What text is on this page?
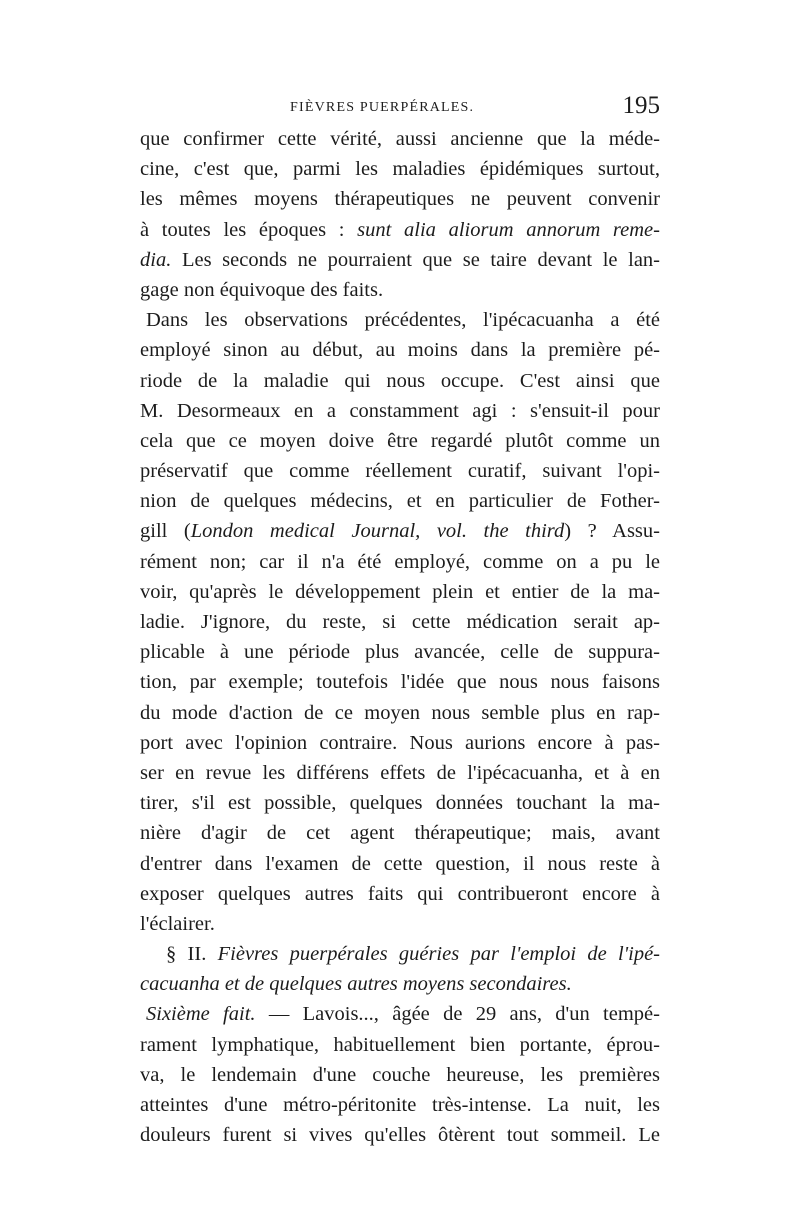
FIÈVRES PUERPÉRALES.	195
que confirmer cette vérité, aussi ancienne que la méde-
cine, c'est que, parmi les maladies épidémiques surtout,
les mêmes moyens thérapeutiques ne peuvent convenir
à toutes les époques : sunt alia aliorum annorum reme-
dia. Les seconds ne pourraient que se taire devant le lan-
gage non équivoque des faits.
Dans les observations précédentes, l'ipécacuanha a été
employé sinon au début, au moins dans la première pé-
riode de la maladie qui nous occupe. C'est ainsi que
M. Desormeaux en a constamment agi : s'ensuit-il pour
cela que ce moyen doive être regardé plutôt comme un
préservatif que comme réellement curatif, suivant l'opi-
nion de quelques médecins, et en particulier de Fother-
gill (London medical Journal, vol. the third) ? Assu-
rément non; car il n'a été employé, comme on a pu le
voir, qu'après le développement plein et entier de la ma-
ladie. J'ignore, du reste, si cette médication serait ap-
plicable à une période plus avancée, celle de suppura-
tion, par exemple; toutefois l'idée que nous nous faisons
du mode d'action de ce moyen nous semble plus en rap-
port avec l'opinion contraire. Nous aurions encore à pas-
ser en revue les différens effets de l'ipécacuanha, et à en
tirer, s'il est possible, quelques données touchant la ma-
nière d'agir de cet agent thérapeutique; mais, avant
d'entrer dans l'examen de cette question, il nous reste à
exposer quelques autres faits qui contribueront encore à
l'éclairer.
§ II. Fièvres puerpérales guéries par l'emploi de l'ipé-
cacuanha et de quelques autres moyens secondaires.
Sixième fait. — Lavois..., âgée de 29 ans, d'un tempé-
rament lymphatique, habituellement bien portante, éprou-
va, le lendemain d'une couche heureuse, les premières
atteintes d'une métro-péritonite très-intense. La nuit, les
douleurs furent si vives qu'elles ôtèrent tout sommeil. Le
